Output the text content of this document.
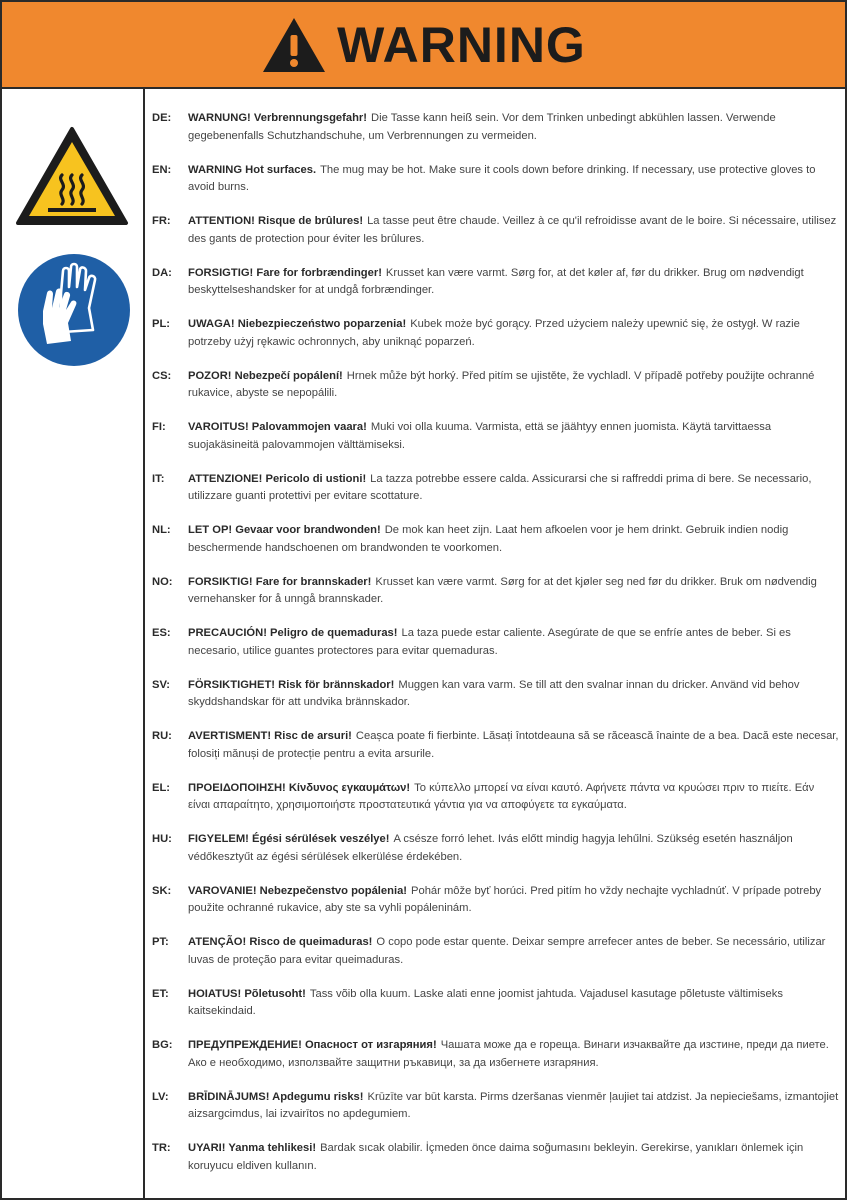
WARNING
DE:	WARNUNG! Verbrennungsgefahr! Die Tasse kann heiß sein. Vor dem Trinken unbedingt abkühlen lassen. Verwende gegebenenfalls Schutzhandschuhe, um Verbrennungen zu vermeiden.
EN:	WARNING Hot surfaces. The mug may be hot. Make sure it cools down before drinking. If necessary, use protective gloves to avoid burns.
FR:	ATTENTION! Risque de brûlures! La tasse peut être chaude. Veillez à ce qu'il refroidisse avant de le boire. Si nécessaire, utilisez des gants de protection pour éviter les brûlures.
DA:	FORSIGTIG! Fare for forbrændinger! Krusset kan være varmt. Sørg for, at det køler af, før du drikker. Brug om nødvendigt beskyttelseshandsker for at undgå forbrændinger.
PL:	UWAGA! Niebezpieczeństwo poparzenia! Kubek może być gorący. Przed użyciem należy upewnić się, że ostygł. W razie potrzeby użyj rękawic ochronnych, aby uniknąć poparzeń.
CS:	POZOR! Nebezpečí popálení! Hrnek může být horký. Před pitím se ujistěte, že vychladl. V případě potřeby použijte ochranné rukavice, abyste se nepopálili.
FI:	VAROITUS! Palovammojen vaara! Muki voi olla kuuma. Varmista, että se jäähtyy ennen juomista. Käytä tarvittaessa suojakäsineitä palovammojen välttämiseksi.
IT:	ATTENZIONE! Pericolo di ustioni! La tazza potrebbe essere calda. Assicurarsi che si raffreddi prima di bere. Se necessario, utilizzare guanti protettivi per evitare scottature.
NL:	LET OP! Gevaar voor brandwonden! De mok kan heet zijn. Laat hem afkoelen voor je hem drinkt. Gebruik indien nodig beschermende handschoenen om brandwonden te voorkomen.
NO:	FORSIKTIG! Fare for brannskader! Krusset kan være varmt. Sørg for at det kjøler seg ned før du drikker. Bruk om nødvendig vernehansker for å unngå brannskader.
ES:	PRECAUCIÓN! Peligro de quemaduras! La taza puede estar caliente. Asegúrate de que se enfríe antes de beber. Si es necesario, utilice guantes protectores para evitar quemaduras.
SV:	FÖRSIKTIGHET! Risk för brännskador! Muggen kan vara varm. Se till att den svalnar innan du dricker. Använd vid behov skyddshandskar för att undvika brännskador.
RU:	AVERTISMENT! Risc de arsuri! Ceașca poate fi fierbinte. Lăsați întotdeauna să se răcească înainte de a bea. Dacă este necesar, folosiți mănuși de protecție pentru a evita arsurile.
EL:	ΠΡΟΕΙΔΟΠΟΙΗΣΗ! Κίνδυνος εγκαυμάτων! Το κύπελλο μπορεί να είναι καυτό. Αφήνετε πάντα να κρυώσει πριν το πιείτε. Εάν είναι απαραίτητο, χρησιμοποιήστε προστατευτικά γάντια για να αποφύγετε τα εγκαύματα.
HU:	FIGYELEM! Égési sérülések veszélye! A csésze forró lehet. Ivás előtt mindig hagyja lehűlni. Szükség esetén használjon védőkesztyűt az égési sérülések elkerülése érdekében.
SK:	VAROVANIE! Nebezpečenstvo popálenia! Pohár môže byť horúci. Pred pitím ho vždy nechajte vychladnúť. V prípade potreby použite ochranné rukavice, aby ste sa vyhli popáleninám.
PT:	ATENÇÃO! Risco de queimaduras! O copo pode estar quente. Deixar sempre arrefecer antes de beber. Se necessário, utilizar luvas de proteção para evitar queimaduras.
ET:	HOIATUS! Põletusoht! Tass võib olla kuum. Laske alati enne joomist jahtuda. Vajadusel kasutage põletuste vältimiseks kaitsekindaid.
BG:	ПРЕДУПРЕЖДЕНИЕ! Опасност от изгаряния! Чашата може да е гореща. Винаги изчаквайте да изстине, преди да пиете. Ако е необходимо, използвайте защитни ръкавици, за да избегнете изгаряния.
LV:	BRĪDINĀJUMS! Apdegumu risks! Krūzīte var būt karsta. Pirms dzeršanas vienmēr ļaujiet tai atdzist. Ja nepieciešams, izmantojiet aizsargcimdus, lai izvairītos no apdegumiem.
TR:	UYARI! Yanma tehlikesi! Bardak sıcak olabilir. İçmeden önce daima soğumasını bekleyin. Gerekirse, yanıkları önlemek için koruyucu eldiven kullanın.
